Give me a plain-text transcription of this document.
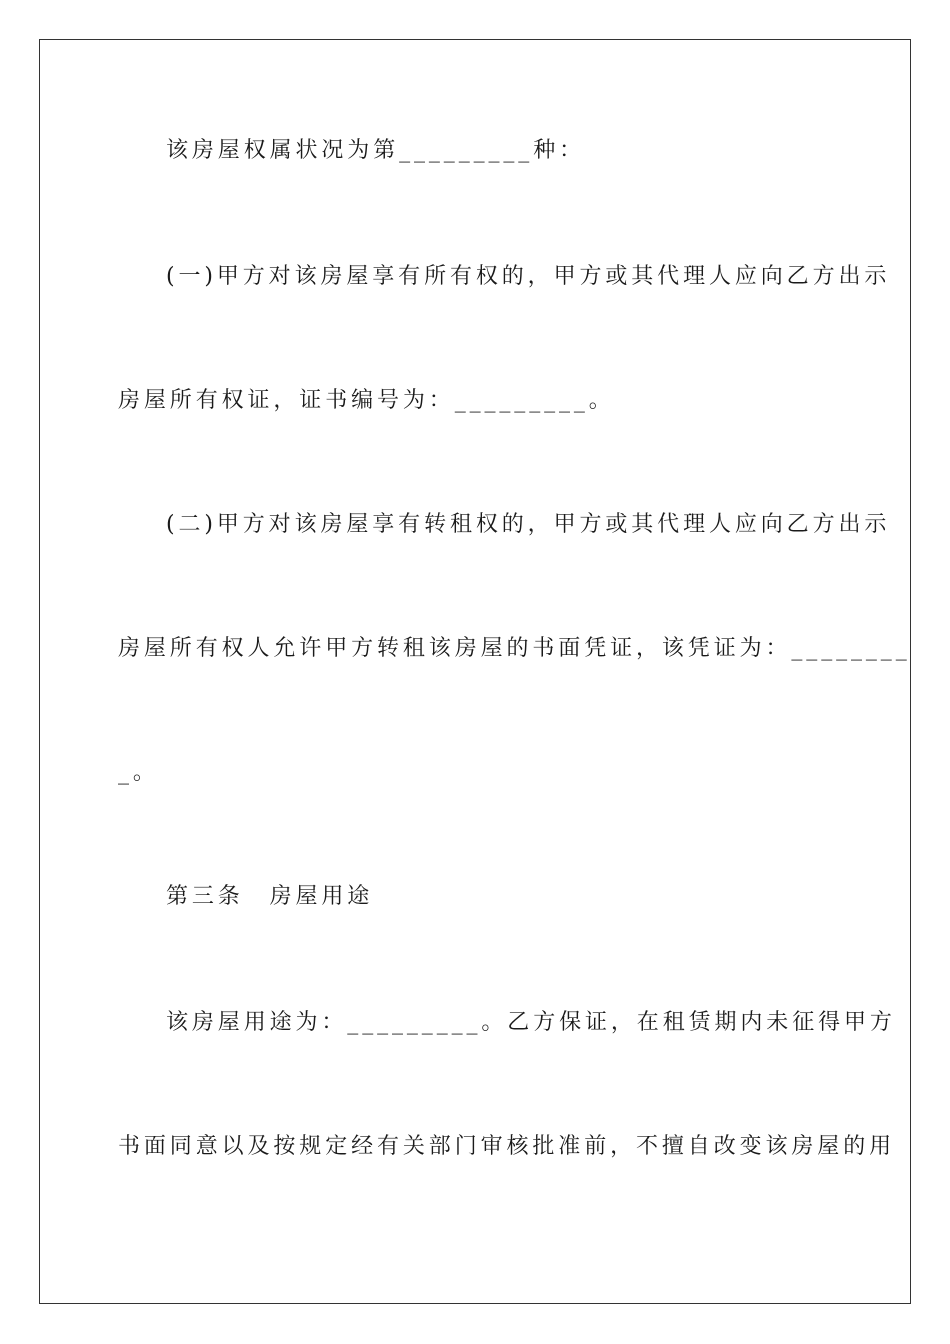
该房屋权属状况为第_________种：
(一)甲方对该房屋享有所有权的，甲方或其代理人应向乙方出示
房屋所有权证，证书编号为：_________。
(二)甲方对该房屋享有转租权的，甲方或其代理人应向乙方出示
房屋所有权人允许甲方转租该房屋的书面凭证，该凭证为：________
_。
第三条　房屋用途
该房屋用途为：_________。乙方保证，在租赁期内未征得甲方
书面同意以及按规定经有关部门审核批准前，不擅自改变该房屋的用
